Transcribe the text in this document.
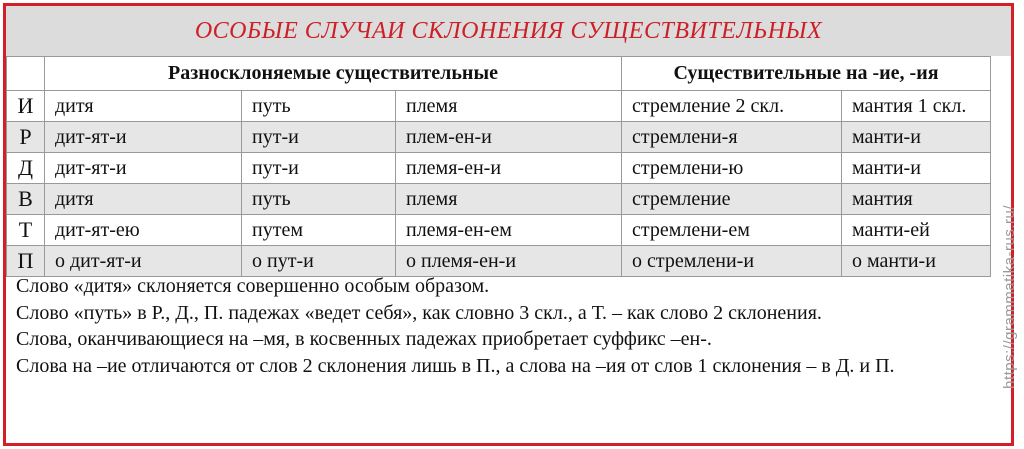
ОСОБЫЕ СЛУЧАИ СКЛОНЕНИЯ СУЩЕСТВИТЕЛЬНЫХ
	Разносклоняемые существительные			Существительные на -ие, -ия	
И	дитя	путь	племя	стремление 2 скл.	мантия 1 скл.
Р	дит-ят-и	пут-и	плем-ен-и	стремлени-я	манти-и
Д	дит-ят-и	пут-и	племя-ен-и	стремлени-ю	манти-и
В	дитя	путь	племя	стремление	мантия
Т	дит-ят-ею	путем	племя-ен-ем	стремлени-ем	манти-ей
П	о дит-ят-и	о пут-и	о племя-ен-и	о стремлени-и	о манти-и

Слово «дитя» склоняется совершенно особым образом.

Слово «путь» в Р., Д., П. падежах «ведет себя», как словно 3 скл., а Т. – как слово 2 склонения.

Слова, оканчивающиеся на –мя, в косвенных падежах приобретает суффикс –ен-.

Слова на –ие отличаются от слов 2 склонения лишь в П., а слова на –ия от слов 1 склонения – в Д. и П.	https://grammatika-rus.ru/
